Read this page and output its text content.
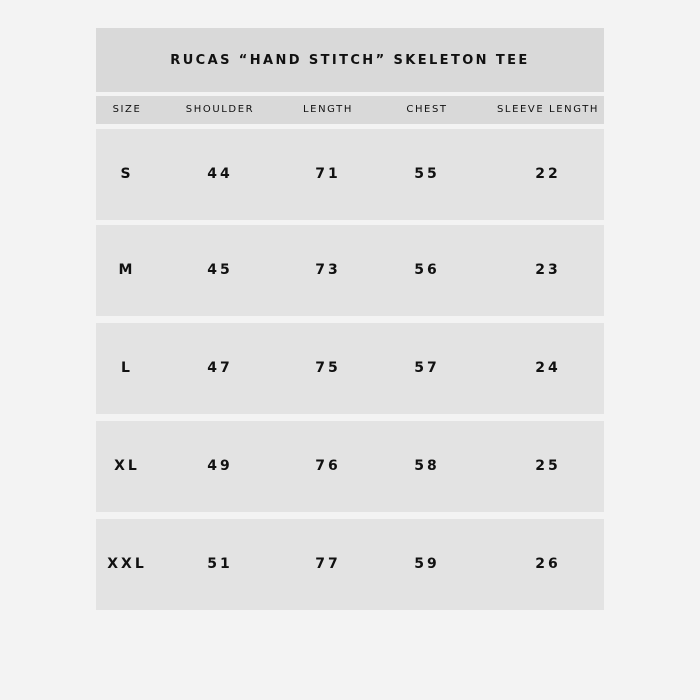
RUCAS “HAND STITCH” SKELETON TEE
SIZE	SHOULDER	LENGTH	CHEST	SLEEVE LENGTH
S	44	71	55	22
M	45	73	56	23
L	47	75	57	24
XL	49	76	58	25
XXL	51	77	59	26
